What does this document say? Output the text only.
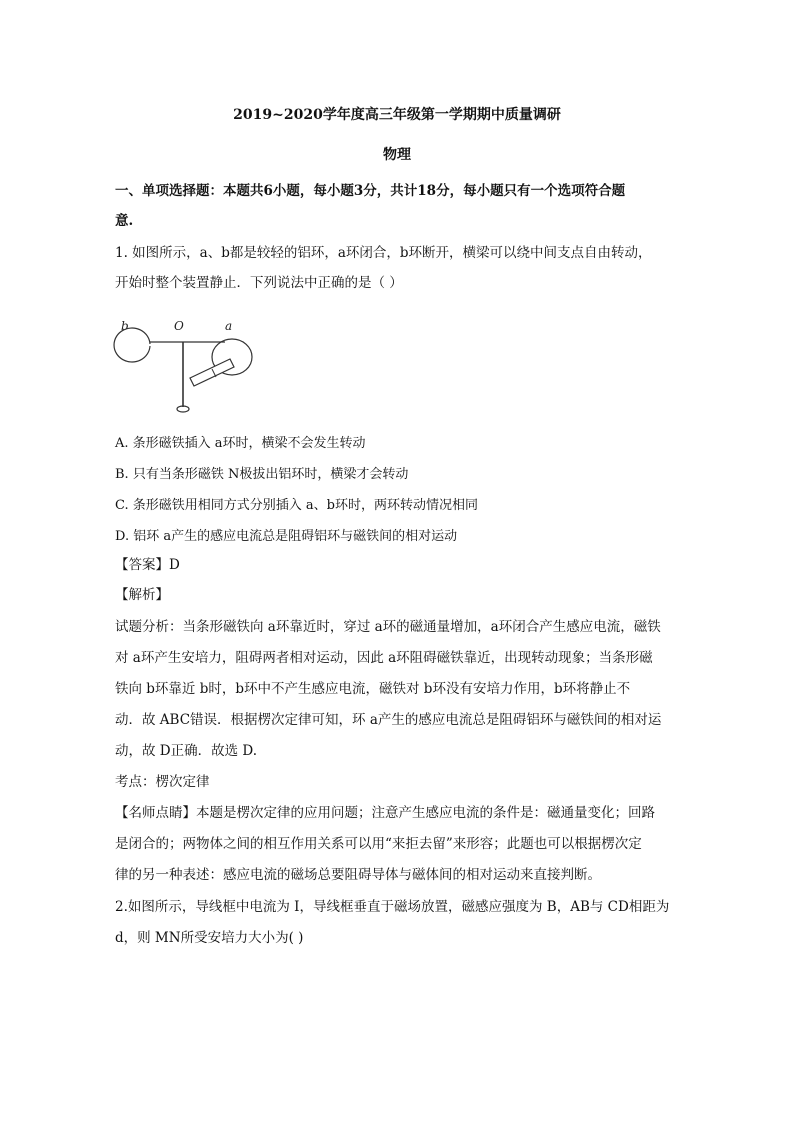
2019~2020学年度高三年级第一学期期中质量调研
物理
一、单项选择题：本题共6小题，每小题3分，共计18分，每小题只有一个选项符合题
意.
1. 如图所示，a、b都是较轻的铝环，a环闭合，b环断开，横梁可以绕中间支点自由转动，
开始时整个装置静止．下列说法中正确的是（ ）
b	O	a
A. 条形磁铁插入 a环时，横梁不会发生转动
B. 只有当条形磁铁 N极拔出铝环时，横梁才会转动
C. 条形磁铁用相同方式分别插入 a、b环时，两环转动情况相同
D. 铝环 a产生的感应电流总是阻碍铝环与磁铁间的相对运动
【答案】D
【解析】
试题分析：当条形磁铁向 a环靠近时，穿过 a环的磁通量增加，a环闭合产生感应电流，磁铁
对 a环产生安培力，阻碍两者相对运动，因此 a环阻碍磁铁靠近，出现转动现象；当条形磁
铁向 b环靠近 b时，b环中不产生感应电流，磁铁对 b环没有安培力作用，b环将静止不
动．故 ABC错误．根据楞次定律可知，环 a产生的感应电流总是阻碍铝环与磁铁间的相对运
动，故 D正确．故选 D.
考点：楞次定律
【名师点睛】本题是楞次定律的应用问题；注意产生感应电流的条件是：磁通量变化；回路
是闭合的；两物体之间的相互作用关系可以用“来拒去留”来形容；此题也可以根据楞次定
律的另一种表述：感应电流的磁场总要阻碍导体与磁体间的相对运动来直接判断。
2.如图所示，导线框中电流为 I，导线框垂直于磁场放置，磁感应强度为 B，AB与 CD相距为
d，则 MN所受安培力大小为( )
